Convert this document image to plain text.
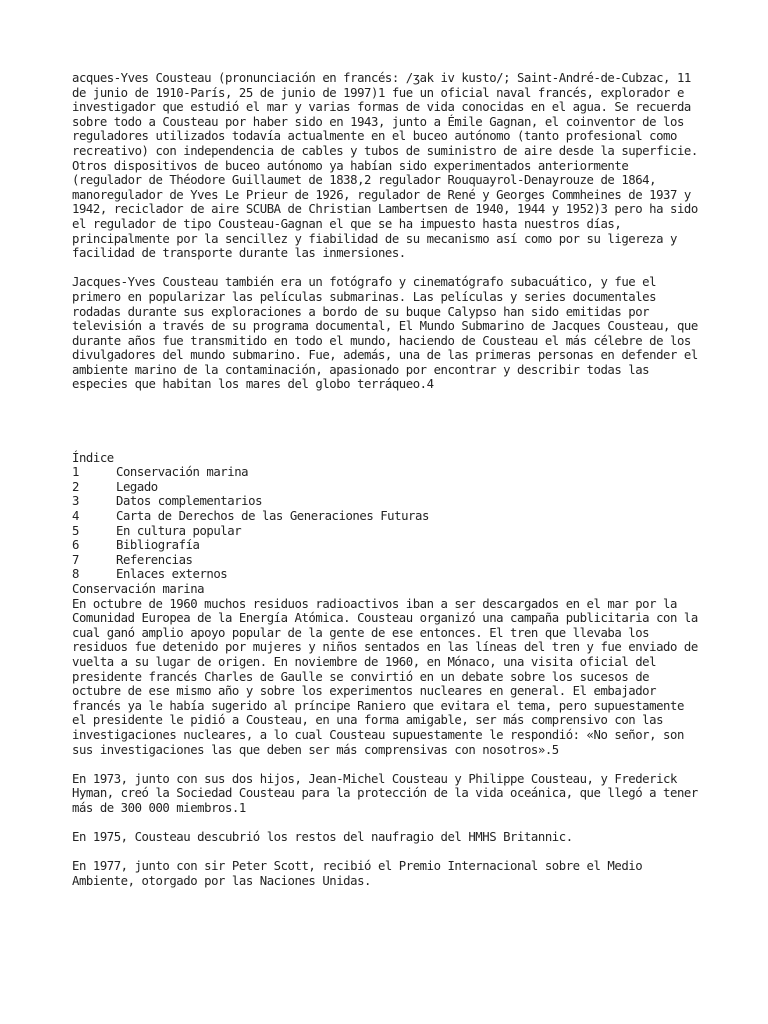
acques-Yves Cousteau (pronunciación en francés: /ʒak iv kusto/; Saint-André-de-Cubzac, 11 de junio de 1910-París, 25 de junio de 1997)1 fue un oficial naval francés, explorador e investigador que estudió el mar y varias formas de vida conocidas en el agua. Se recuerda sobre todo a Cousteau por haber sido en 1943, junto a Émile Gagnan, el coinventor de los reguladores utilizados todavía actualmente en el buceo autónomo (tanto profesional como recreativo) con independencia de cables y tubos de suministro de aire desde la superficie. Otros dispositivos de buceo autónomo ya habían sido experimentados anteriormente (regulador de Théodore Guillaumet de 1838,2 regulador Rouquayrol-Denayrouze de 1864, manoregulador de Yves Le Prieur de 1926, regulador de René y Georges Commheines de 1937 y 1942, reciclador de aire SCUBA de Christian Lambertsen de 1940, 1944 y 1952)3 pero ha sido el regulador de tipo Cousteau-Gagnan el que se ha impuesto hasta nuestros días, principalmente por la sencillez y fiabilidad de su mecanismo así como por su ligereza y facilidad de transporte durante las inmersiones.

Jacques-Yves Cousteau también era un fotógrafo y cinematógrafo subacuático, y fue el primero en popularizar las películas submarinas. Las películas y series documentales rodadas durante sus exploraciones a bordo de su buque Calypso han sido emitidas por televisión a través de su programa documental, El Mundo Submarino de Jacques Cousteau, que durante años fue transmitido en todo el mundo, haciendo de Cousteau el más célebre de los divulgadores del mundo submarino. Fue, además, una de las primeras personas en defender el ambiente marino de la contaminación, apasionado por encontrar y describir todas las especies que habitan los mares del globo terráqueo.4

Índice

1	Conservación marina
2	Legado
3	Datos complementarios
4	Carta de Derechos de las Generaciones Futuras
5	En cultura popular
6	Bibliografía
7	Referencias
8	Enlaces externos

Conservación marina

En octubre de 1960 muchos residuos radioactivos iban a ser descargados en el mar por la Comunidad Europea de la Energía Atómica. Cousteau organizó una campaña publicitaria con la cual ganó amplio apoyo popular de la gente de ese entonces. El tren que llevaba los residuos fue detenido por mujeres y niños sentados en las líneas del tren y fue enviado de vuelta a su lugar de origen. En noviembre de 1960, en Mónaco, una visita oficial del presidente francés Charles de Gaulle se convirtió en un debate sobre los sucesos de octubre de ese mismo año y sobre los experimentos nucleares en general. El embajador francés ya le había sugerido al príncipe Raniero que evitara el tema, pero supuestamente el presidente le pidió a Cousteau, en una forma amigable, ser más comprensivo con las investigaciones nucleares, a lo cual Cousteau supuestamente le respondió: «No señor, son sus investigaciones las que deben ser más comprensivas con nosotros».5

En 1973, junto con sus dos hijos, Jean-Michel Cousteau y Philippe Cousteau, y Frederick Hyman, creó la Sociedad Cousteau para la protección de la vida oceánica, que llegó a tener más de 300 000 miembros.1

En 1975, Cousteau descubrió los restos del naufragio del HMHS Britannic.

En 1977, junto con sir Peter Scott, recibió el Premio Internacional sobre el Medio Ambiente, otorgado por las Naciones Unidas.
